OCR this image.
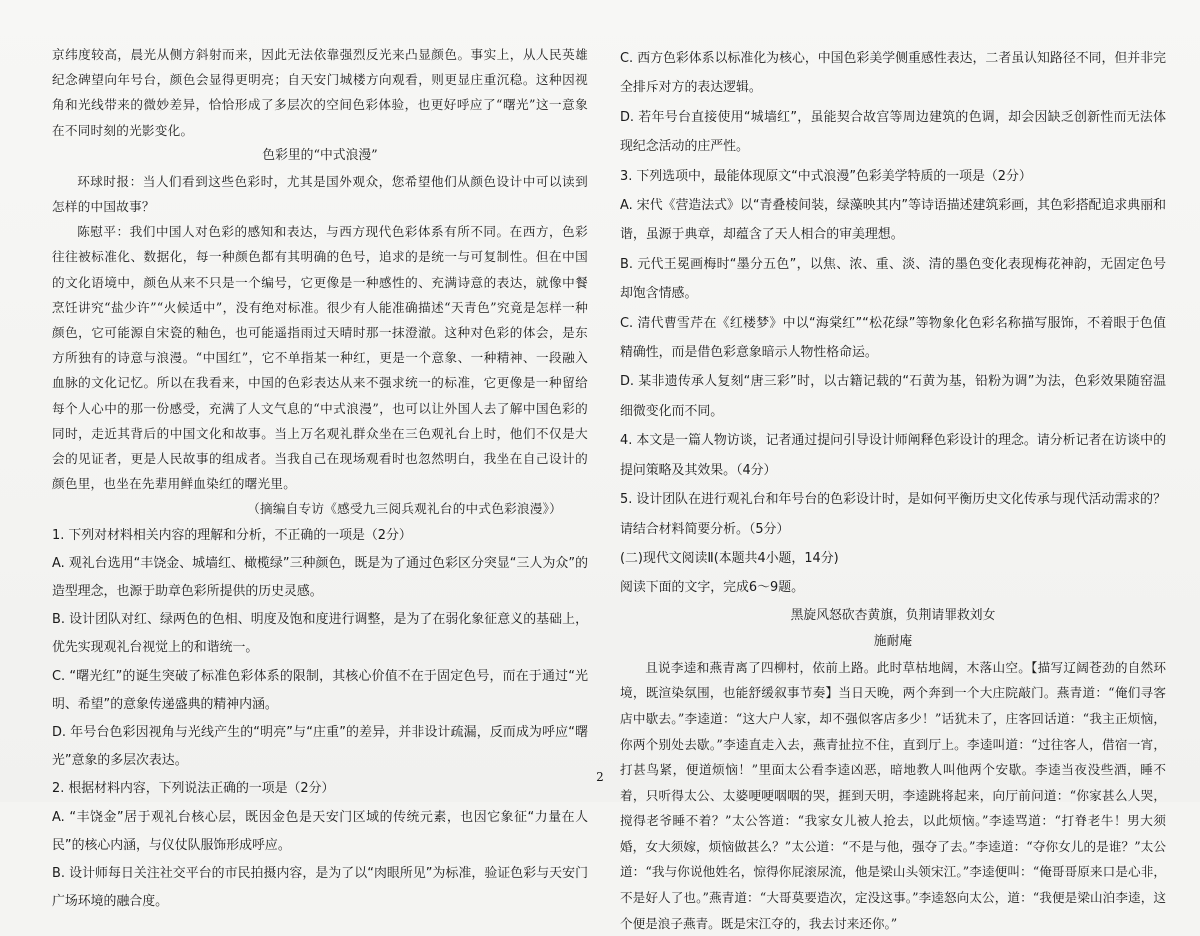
京纬度较高，晨光从侧方斜射而来，因此无法依靠强烈反光来凸显颜色。事实上，从人民英雄纪念碑望向年号台，颜色会显得更明亮；自天安门城楼方向观看，则更显庄重沉稳。这种因视角和光线带来的微妙差异，恰恰形成了多层次的空间色彩体验，也更好呼应了“曙光”这一意象在不同时刻的光影变化。

色彩里的“中式浪漫”

环球时报：当人们看到这些色彩时，尤其是国外观众，您希望他们从颜色设计中可以读到怎样的中国故事？

陈慰平：我们中国人对色彩的感知和表达，与西方现代色彩体系有所不同。在西方，色彩往往被标准化、数据化，每一种颜色都有其明确的色号，追求的是统一与可复制性。但在中国的文化语境中，颜色从来不只是一个编号，它更像是一种感性的、充满诗意的表达，就像中餐烹饪讲究“盐少许”“火候适中”，没有绝对标准。很少有人能准确描述“天青色”究竟是怎样一种颜色，它可能源自宋瓷的釉色，也可能遥指雨过天晴时那一抹澄澈。这种对色彩的体会，是东方所独有的诗意与浪漫。“中国红”，它不单指某一种红，更是一个意象、一种精神、一段融入血脉的文化记忆。所以在我看来，中国的色彩表达从来不强求统一的标准，它更像是一种留给每个人心中的那一份感受，充满了人文气息的“中式浪漫”，也可以让外国人去了解中国色彩的同时，走近其背后的中国文化和故事。当上万名观礼群众坐在三色观礼台上时，他们不仅是大会的见证者，更是人民故事的组成者。当我自己在现场观看时也忽然明白，我坐在自己设计的颜色里，也坐在先辈用鲜血染红的曙光里。

（摘编自专访《感受九三阅兵观礼台的中式色彩浪漫》）

1. 下列对材料相关内容的理解和分析，不正确的一项是（2分）

A. 观礼台选用“丰饶金、城墙红、橄榄绿”三种颜色，既是为了通过色彩区分突显“三人为众”的造型理念，也源于助章色彩所提供的历史灵感。

B. 设计团队对红、绿两色的色相、明度及饱和度进行调整，是为了在弱化象征意义的基础上，优先实现观礼台视觉上的和谐统一。

C. “曙光红”的诞生突破了标准色彩体系的限制，其核心价值不在于固定色号，而在于通过“光明、希望”的意象传递盛典的精神内涵。

D. 年号台色彩因视角与光线产生的“明亮”与“庄重”的差异，并非设计疏漏，反而成为呼应“曙光”意象的多层次表达。

2. 根据材料内容，下列说法正确的一项是（2分）

A. “丰饶金”居于观礼台核心层，既因金色是天安门区域的传统元素，也因它象征“力量在人民”的核心内涵，与仪仗队服饰形成呼应。

B. 设计师每日关注社交平台的市民拍摄内容，是为了以“肉眼所见”为标准，验证色彩与天安门广场环境的融合度。

C. 西方色彩体系以标准化为核心，中国色彩美学侧重感性表达，二者虽认知路径不同，但并非完全排斥对方的表达逻辑。

D. 若年号台直接使用“城墙红”，虽能契合故宫等周边建筑的色调，却会因缺乏创新性而无法体现纪念活动的庄严性。

3. 下列选项中，最能体现原文“中式浪漫”色彩美学特质的一项是（2分）

A. 宋代《营造法式》以“青叠棱间装，绿藻映其内”等诗语描述建筑彩画，其色彩搭配追求典丽和谐，虽源于典章，却蕴含了天人相合的审美理想。

B. 元代王冕画梅时“墨分五色”，以焦、浓、重、淡、清的墨色变化表现梅花神韵，无固定色号却饱含情感。

C. 清代曹雪芹在《红楼梦》中以“海棠红”“松花绿”等物象化色彩名称描写服饰，不着眼于色值精确性，而是借色彩意象暗示人物性格命运。

D. 某非遗传承人复刻“唐三彩”时，以古籍记载的“石黄为基，铅粉为调”为法，色彩效果随窑温细微变化而不同。

4. 本文是一篇人物访谈，记者通过提问引导设计师阐释色彩设计的理念。请分析记者在访谈中的提问策略及其效果。（4分）

5. 设计团队在进行观礼台和年号台的色彩设计时，是如何平衡历史文化传承与现代活动需求的？请结合材料简要分析。（5分）

(二)现代文阅读Ⅱ(本题共4小题，14分)

阅读下面的文字，完成6～9题。

黑旋风怒砍杏黄旗，负荆请罪救刘女

施耐庵

且说李逵和燕青离了四柳村，依前上路。此时草枯地阔，木落山空。【描写辽阔苍劲的自然环境，既渲染氛围，也能舒缓叙事节奏】当日天晚，两个奔到一个大庄院敲门。燕青道：“俺们寻客店中歇去。”李逵道：“这大户人家，却不强似客店多少！”话犹未了，庄客回话道：“我主正烦恼，你两个别处去歇。”李逵直走入去，燕青扯拉不住，直到厅上。李逵叫道：“过往客人，借宿一宵，打甚鸟紧，便道烦恼！”里面太公看李逵凶恶，暗地教人叫他两个安歇。李逵当夜没些酒，睡不着，只听得太公、太婆哽哽咽咽的哭，捱到天明，李逵跳将起来，向厅前问道：“你家甚么人哭，搅得老爷睡不着？”太公答道：“我家女儿被人抢去，以此烦恼。”李逵骂道：“打脊老牛！男大须婚，女大须嫁，烦恼做甚么？”太公道：“不是与他，强夺了去。”李逵道：“夺你女儿的是谁？”太公道：“我与你说他姓名，惊得你屁滚尿流，他是梁山头领宋江。”李逵便叫：“俺哥哥原来口是心非，不是好人了也。”燕青道：“大哥莫要造次，定没这事。”李逵怒向太公，道：“我便是梁山泊李逵，这个便是浪子燕青。既是宋江夺的，我去讨来还你。”

2
